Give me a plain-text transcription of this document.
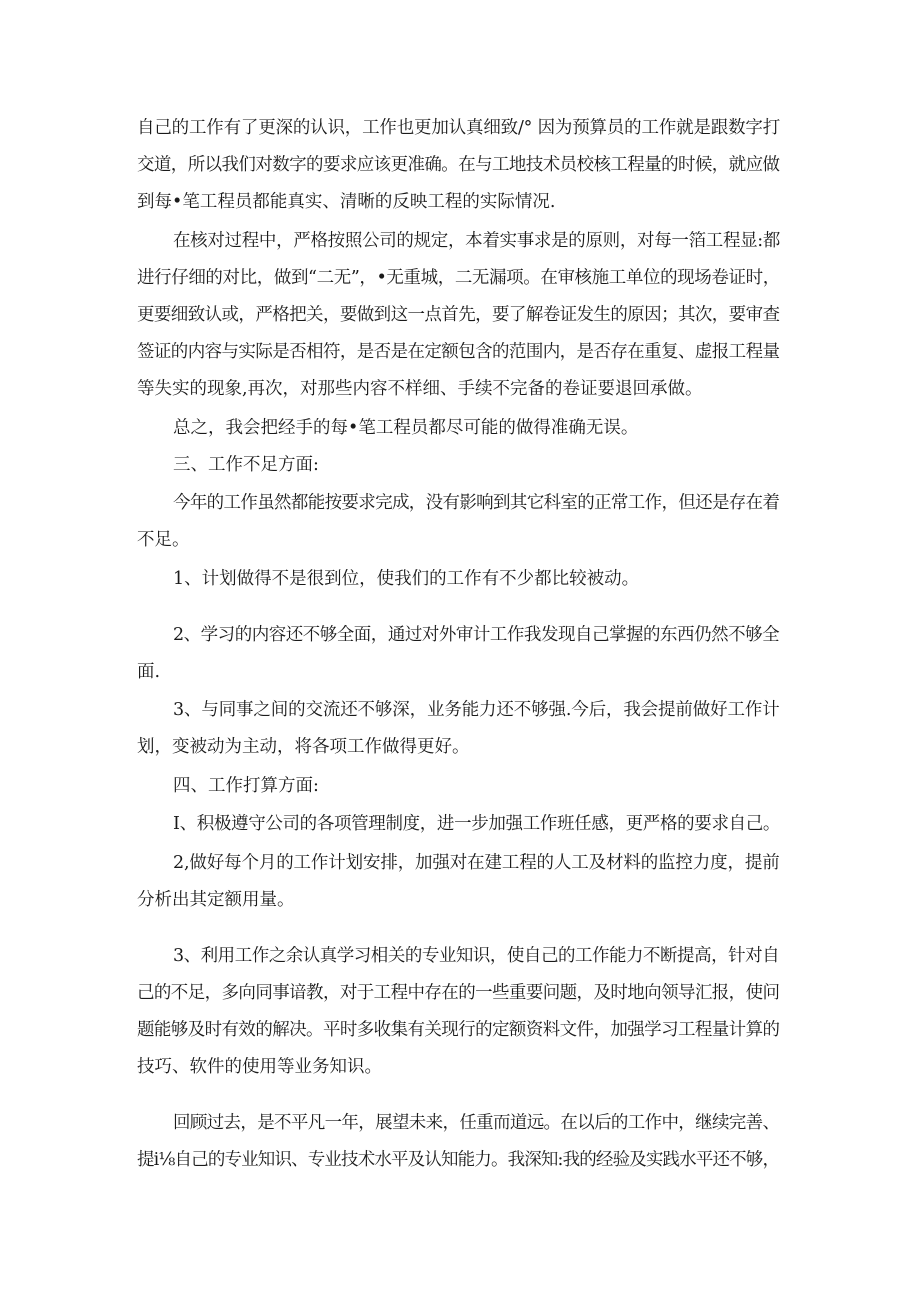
自己的工作有了更深的认识，工作也更加认真细致/° 因为预算员的工作就是跟数字打
交道，所以我们对数字的要求应该更准确。在与工地技术员校核工程量的时候，就应做
到每•笔工程员都能真实、清晰的反映工程的实际情况.
在核对过程中，严格按照公司的规定，本着实事求是的原则，对每一箔工程显:都
进行仔细的对比，做到“二无”，•无重城，二无漏项。在审核施工单位的现场卷证时，
更要细致认或，严格把关，要做到这一点首先，要了解卷证发生的原因；其次，要审查
签证的内容与实际是否相符，是否是在定额包含的范围内，是否存在重复、虚报工程量
等失实的现象,再次，对那些内容不样细、手续不完备的卷证要退回承做。
总之，我会把经手的每•笔工程员都尽可能的做得准确无误。
三、工作不足方面:
今年的工作虽然都能按要求完成，没有影响到其它科室的正常工作，但还是存在着
不足。
1、计划做得不是很到位，使我们的工作有不少都比较被动。
2、学习的内容还不够全面，通过对外审计工作我发现自己掌握的东西仍然不够全
面.
3、与同事之间的交流还不够深，业务能力还不够强.今后，我会提前做好工作计
划，变被动为主动，将各项工作做得更好。
四、工作打算方面:
I、积极遵守公司的各项管理制度，进一步加强工作班任感，更严格的要求自己。
2,做好每个月的工作计划安排，加强对在建工程的人工及材料的监控力度，提前
分析出其定额用量。
3、利用工作之余认真学习相关的专业知识，使自己的工作能力不断提高，针对自
己的不足，多向同事谙教，对于工程中存在的一些重要问题，及时地向领导汇报，使问
题能够及时有效的解决。平时多收集有关现行的定额资料文件，加强学习工程量计算的
技巧、软件的使用等业务知识。
回顾过去，是不平凡一年，展望未来，任重而道远。在以后的工作中，继续完善、
提i⅛自己的专业知识、专业技术水平及认知能力。我深知:我的经验及实践水平还不够，
